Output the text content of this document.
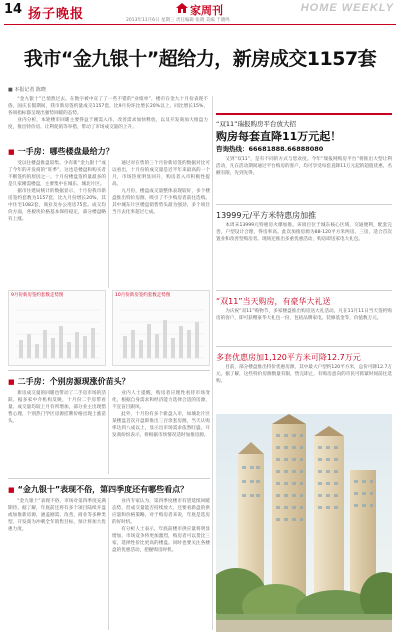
14 扬子晚报	家周刊	HOME WEEKLY
2013年11月6日 星期三 责任编辑 张晓 美编 于晓鸣
我市“金九银十”超给力，新房成交1157套
■ 本报记者 陈晓

“金九银十”已悄然过去。在数字被中宣了了一些不错的“业绩单”，楼市在金九十月份表现不俗。国庆长假期间，我市新房签约量成交1157套，比9月份环比增长20%以上，同比增长15%，各项指标都呈现出强势回暖的态势。

业内分析，本轮楼市回暖主要得益于刚需入市、改善需求加快释放，以及开发商加大推盘力度，推出特价房、让利促销等举措，带动了市场成交量的上升。

■ 一手房：哪些楼盘最给力？

受以往楼盘推盘较集、少有新“金九银十”成了今年的开发商的“旺季”，这也是楼盘和购买者不断签约的原因之一。十月份楼盘签约量最多的是几家刚需楼盘，主要集中在城东、城北片区。

据市住建局统计的数据显示，十月份我市新房签约套数为1157套，比九月份增长20%，其中住宅1082套，商业及办公用房75套。成交均价方面，各板块价格基本保持稳定，部分楼盘略有上涨。

通过对在售的三个月份新房签约数据对比可以看出，十月份的成交量是近半年来最高的一个月，市场热度明显回升，购房者入市积极性提高。

九月份，楼盘成交量整体表现较好，多个楼盘推出特价房源，吸引了不少购房者前往选购。其中城东片区楼盘销售势头最为强劲，多个项目当月去化率超过七成。

9月份新房签约套数走势图	10月份新房签约套数走势图
■ 二手房：个别房源现涨价苗头？

新房成交量的回暖也带动了二手房市场的活跃。据多家中介机构反映，十月份二手房带看量、成交量均较上月有所增加，部分业主出现惜售心理，个别热门学区房源挂牌价格出现上涨苗头。

业内人士提醒，购房者应理性看待市场变化，根据自身需求和经济能力选择合适的房源，不宜盲目跟风。

此外，十月份有多个新盘入市，如城北片区某楼盘首次开盘即推出三百余套房源，当天认购率达到八成以上，显示出市场需求依然旺盛。开发商纷纷表示，将根据市场情况适时加推房源。

■ “金九银十”表现不俗，第四季度还有哪些看点？

“金九银十”表现不俗，市场对第四季度充满期待。据了解，年底前还将有多个项目陆续开盘或加推新房源，涵盖刚需、改善、商业等多种类型。开发商为冲刺全年销售目标，预计将加大优惠力度。

业内专家认为，第四季度楼市有望延续回暖态势，但成交量能否持续放大，还要看新盘的供应量和价格策略。对于购房者来说，年底是选房的好时机。

有分析人士表示，年底前楼市供应量将明显增加，市场竞争将更加激烈，购房者可以货比三家，选择性价比更高的楼盘。同时也要关注各楼盘的优惠活动，把握购房时机。

“双11”瑞报购房平台放大招
购房每套直降11万元起！
咨询热线：66681888.66888080

又到“双11”，是有不同的方式与您欢度。今年“瑞报网购房平台”将推出大型让利活动，凡在活动期间通过平台购房的客户，均可享受每套直降11万元起的超值优惠，名额有限，先到先得。

13999元/平方米特惠房加推

本周末13999元特惠房火爆加推。该项目位于城东核心区域，交通便利，配套完善，户型设计合理，得房率高。此次加推房源为88-120平方米两房、三房，适合首次置业和改善型购房者。现场还推出多重优惠活动，购房即送家电大礼包。

“双11”当天购房，有豪华大礼送

为庆祝“双11”购物节，多家楼盘推出购房送大礼活动。凡在11月11日当天签约购房的客户，即可获赠豪华大礼包一份，包括品牌家电、装修基金等，价值数万元。

多套优惠房加1,120平方米可降12.7万元

目前，部分楼盘推出特价优惠房源，其中最大户型约120平方米，总价可降12.7万元。据了解，这些特价房源数量有限，售完即止，有购房意向的市民可抓紧时间前往选购。
